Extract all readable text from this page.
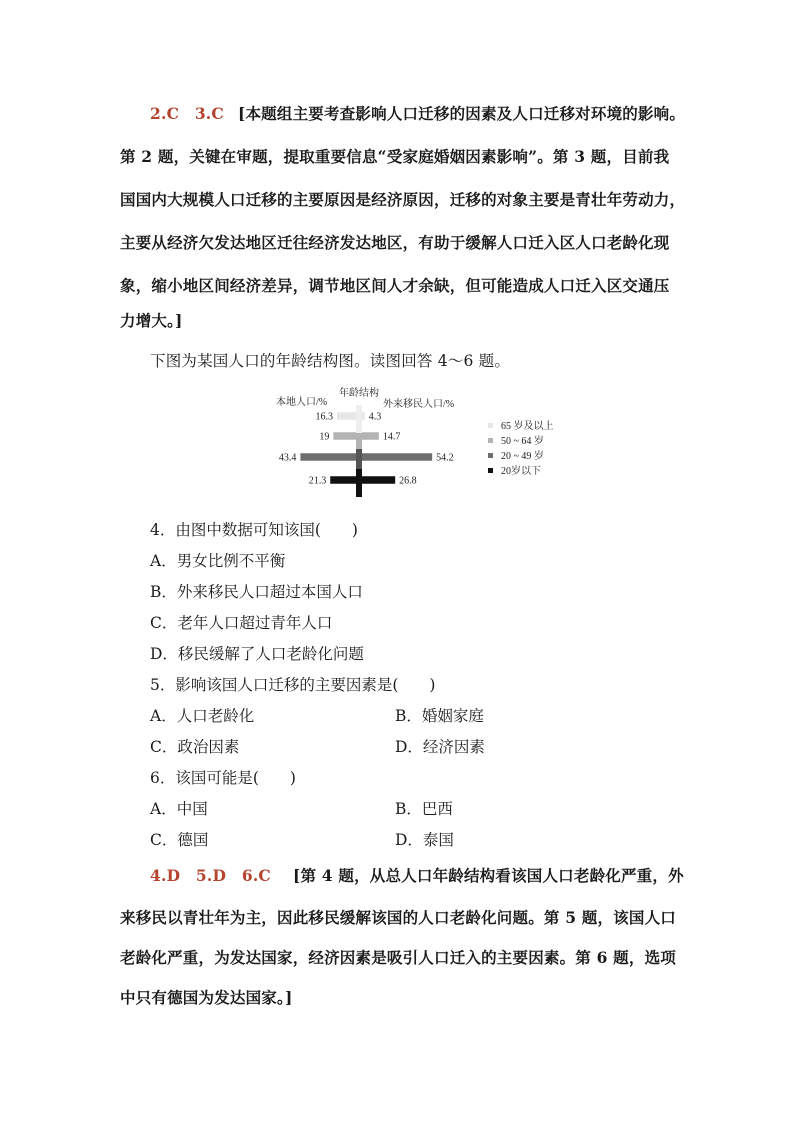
2.C　3.C [本题组主要考查影响人口迁移的因素及人口迁移对环境的影响。
第 2 题，关键在审题，提取重要信息“受家庭婚姻因素影响”。第 3 题，目前我
国国内大规模人口迁移的主要原因是经济原因，迁移的对象主要是青壮年劳动力，
主要从经济欠发达地区迁往经济发达地区，有助于缓解人口迁入区人口老龄化现
象，缩小地区间经济差异，调节地区间人才余缺，但可能造成人口迁入区交通压
力增大。]
下图为某国人口的年龄结构图。读图回答 4～6 题。
年龄结构
本地人口/%	外来移民人口/%
16.3	4.3
19	14.7
43.4	54.2
21.3	26.8
65 岁及以上
50 ~ 64 岁
20 ~ 49 岁
20岁以下
4．由图中数据可知该国(　　)
A．男女比例不平衡
B．外来移民人口超过本国人口
C．老年人口超过青年人口
D．移民缓解了人口老龄化问题
5．影响该国人口迁移的主要因素是(　　)
A．人口老龄化	B．婚姻家庭
C．政治因素	D．经济因素
6．该国可能是(　　)
A．中国	B．巴西
C．德国	D．泰国
4.D　5.D　6.C [第 4 题，从总人口年龄结构看该国人口老龄化严重，外
来移民以青壮年为主，因此移民缓解该国的人口老龄化问题。第 5 题，该国人口
老龄化严重，为发达国家，经济因素是吸引人口迁入的主要因素。第 6 题，选项
中只有德国为发达国家。]
